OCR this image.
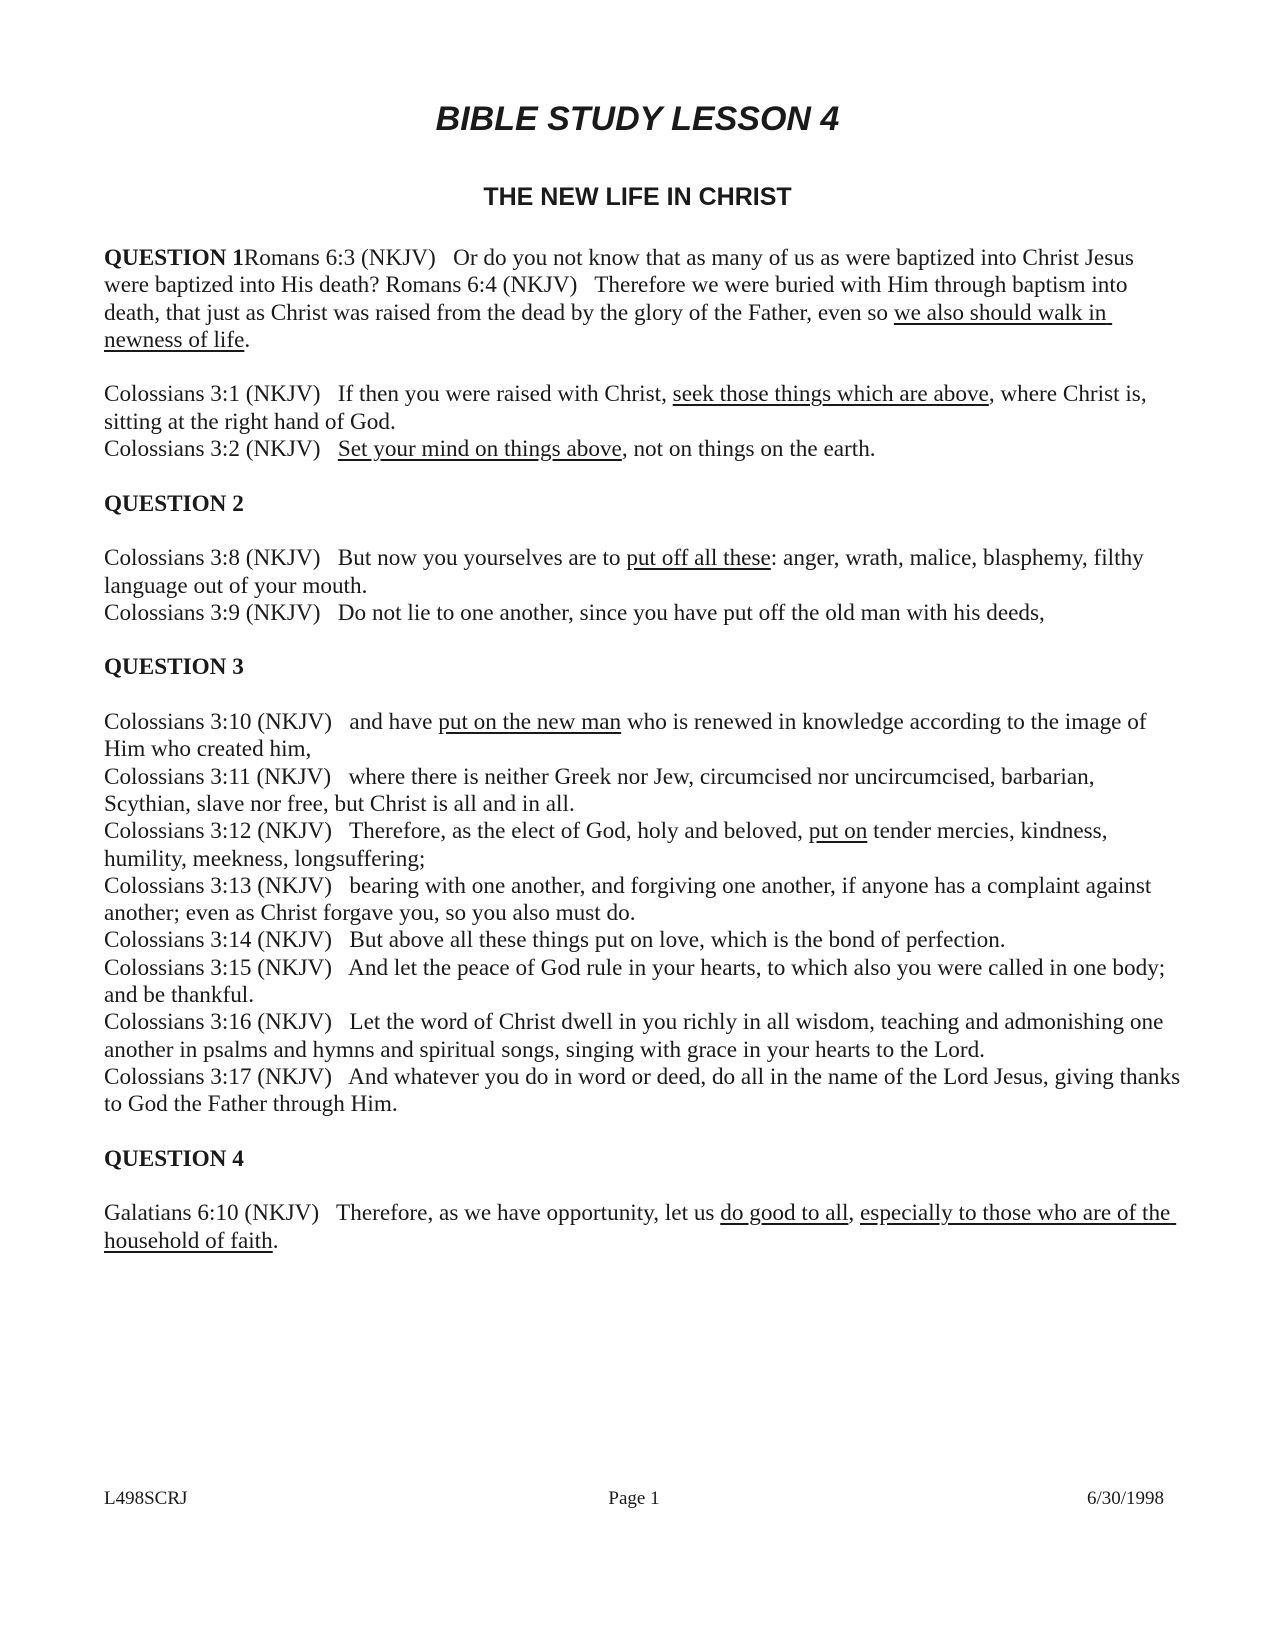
BIBLE STUDY LESSON 4
THE NEW LIFE IN CHRIST

QUESTION 1Romans 6:3 (NKJV)   Or do you not know that as many of us as were baptized into Christ Jesus were baptized into His death? Romans 6:4 (NKJV)   Therefore we were buried with Him through baptism into death, that just as Christ was raised from the dead by the glory of the Father, even so we also should walk in newness of life.

Colossians 3:1 (NKJV)   If then you were raised with Christ, seek those things which are above, where Christ is, sitting at the right hand of God.

Colossians 3:2 (NKJV)   Set your mind on things above, not on things on the earth.

QUESTION 2

Colossians 3:8 (NKJV)   But now you yourselves are to put off all these: anger, wrath, malice, blasphemy, filthy language out of your mouth.

Colossians 3:9 (NKJV)   Do not lie to one another, since you have put off the old man with his deeds,

QUESTION 3

Colossians 3:10 (NKJV)   and have put on the new man who is renewed in knowledge according to the image of Him who created him,

Colossians 3:11 (NKJV)   where there is neither Greek nor Jew, circumcised nor uncircumcised, barbarian, Scythian, slave nor free, but Christ is all and in all.

Colossians 3:12 (NKJV)   Therefore, as the elect of God, holy and beloved, put on tender mercies, kindness, humility, meekness, longsuffering;

Colossians 3:13 (NKJV)   bearing with one another, and forgiving one another, if anyone has a complaint against another; even as Christ forgave you, so you also must do.

Colossians 3:14 (NKJV)   But above all these things put on love, which is the bond of perfection.

Colossians 3:15 (NKJV)   And let the peace of God rule in your hearts, to which also you were called in one body; and be thankful.

Colossians 3:16 (NKJV)   Let the word of Christ dwell in you richly in all wisdom, teaching and admonishing one another in psalms and hymns and spiritual songs, singing with grace in your hearts to the Lord.

Colossians 3:17 (NKJV)   And whatever you do in word or deed, do all in the name of the Lord Jesus, giving thanks to God the Father through Him.

QUESTION 4

Galatians 6:10 (NKJV)   Therefore, as we have opportunity, let us do good to all, especially to those who are of the household of faith.

L498SCRJ	Page 1	6/30/1998
